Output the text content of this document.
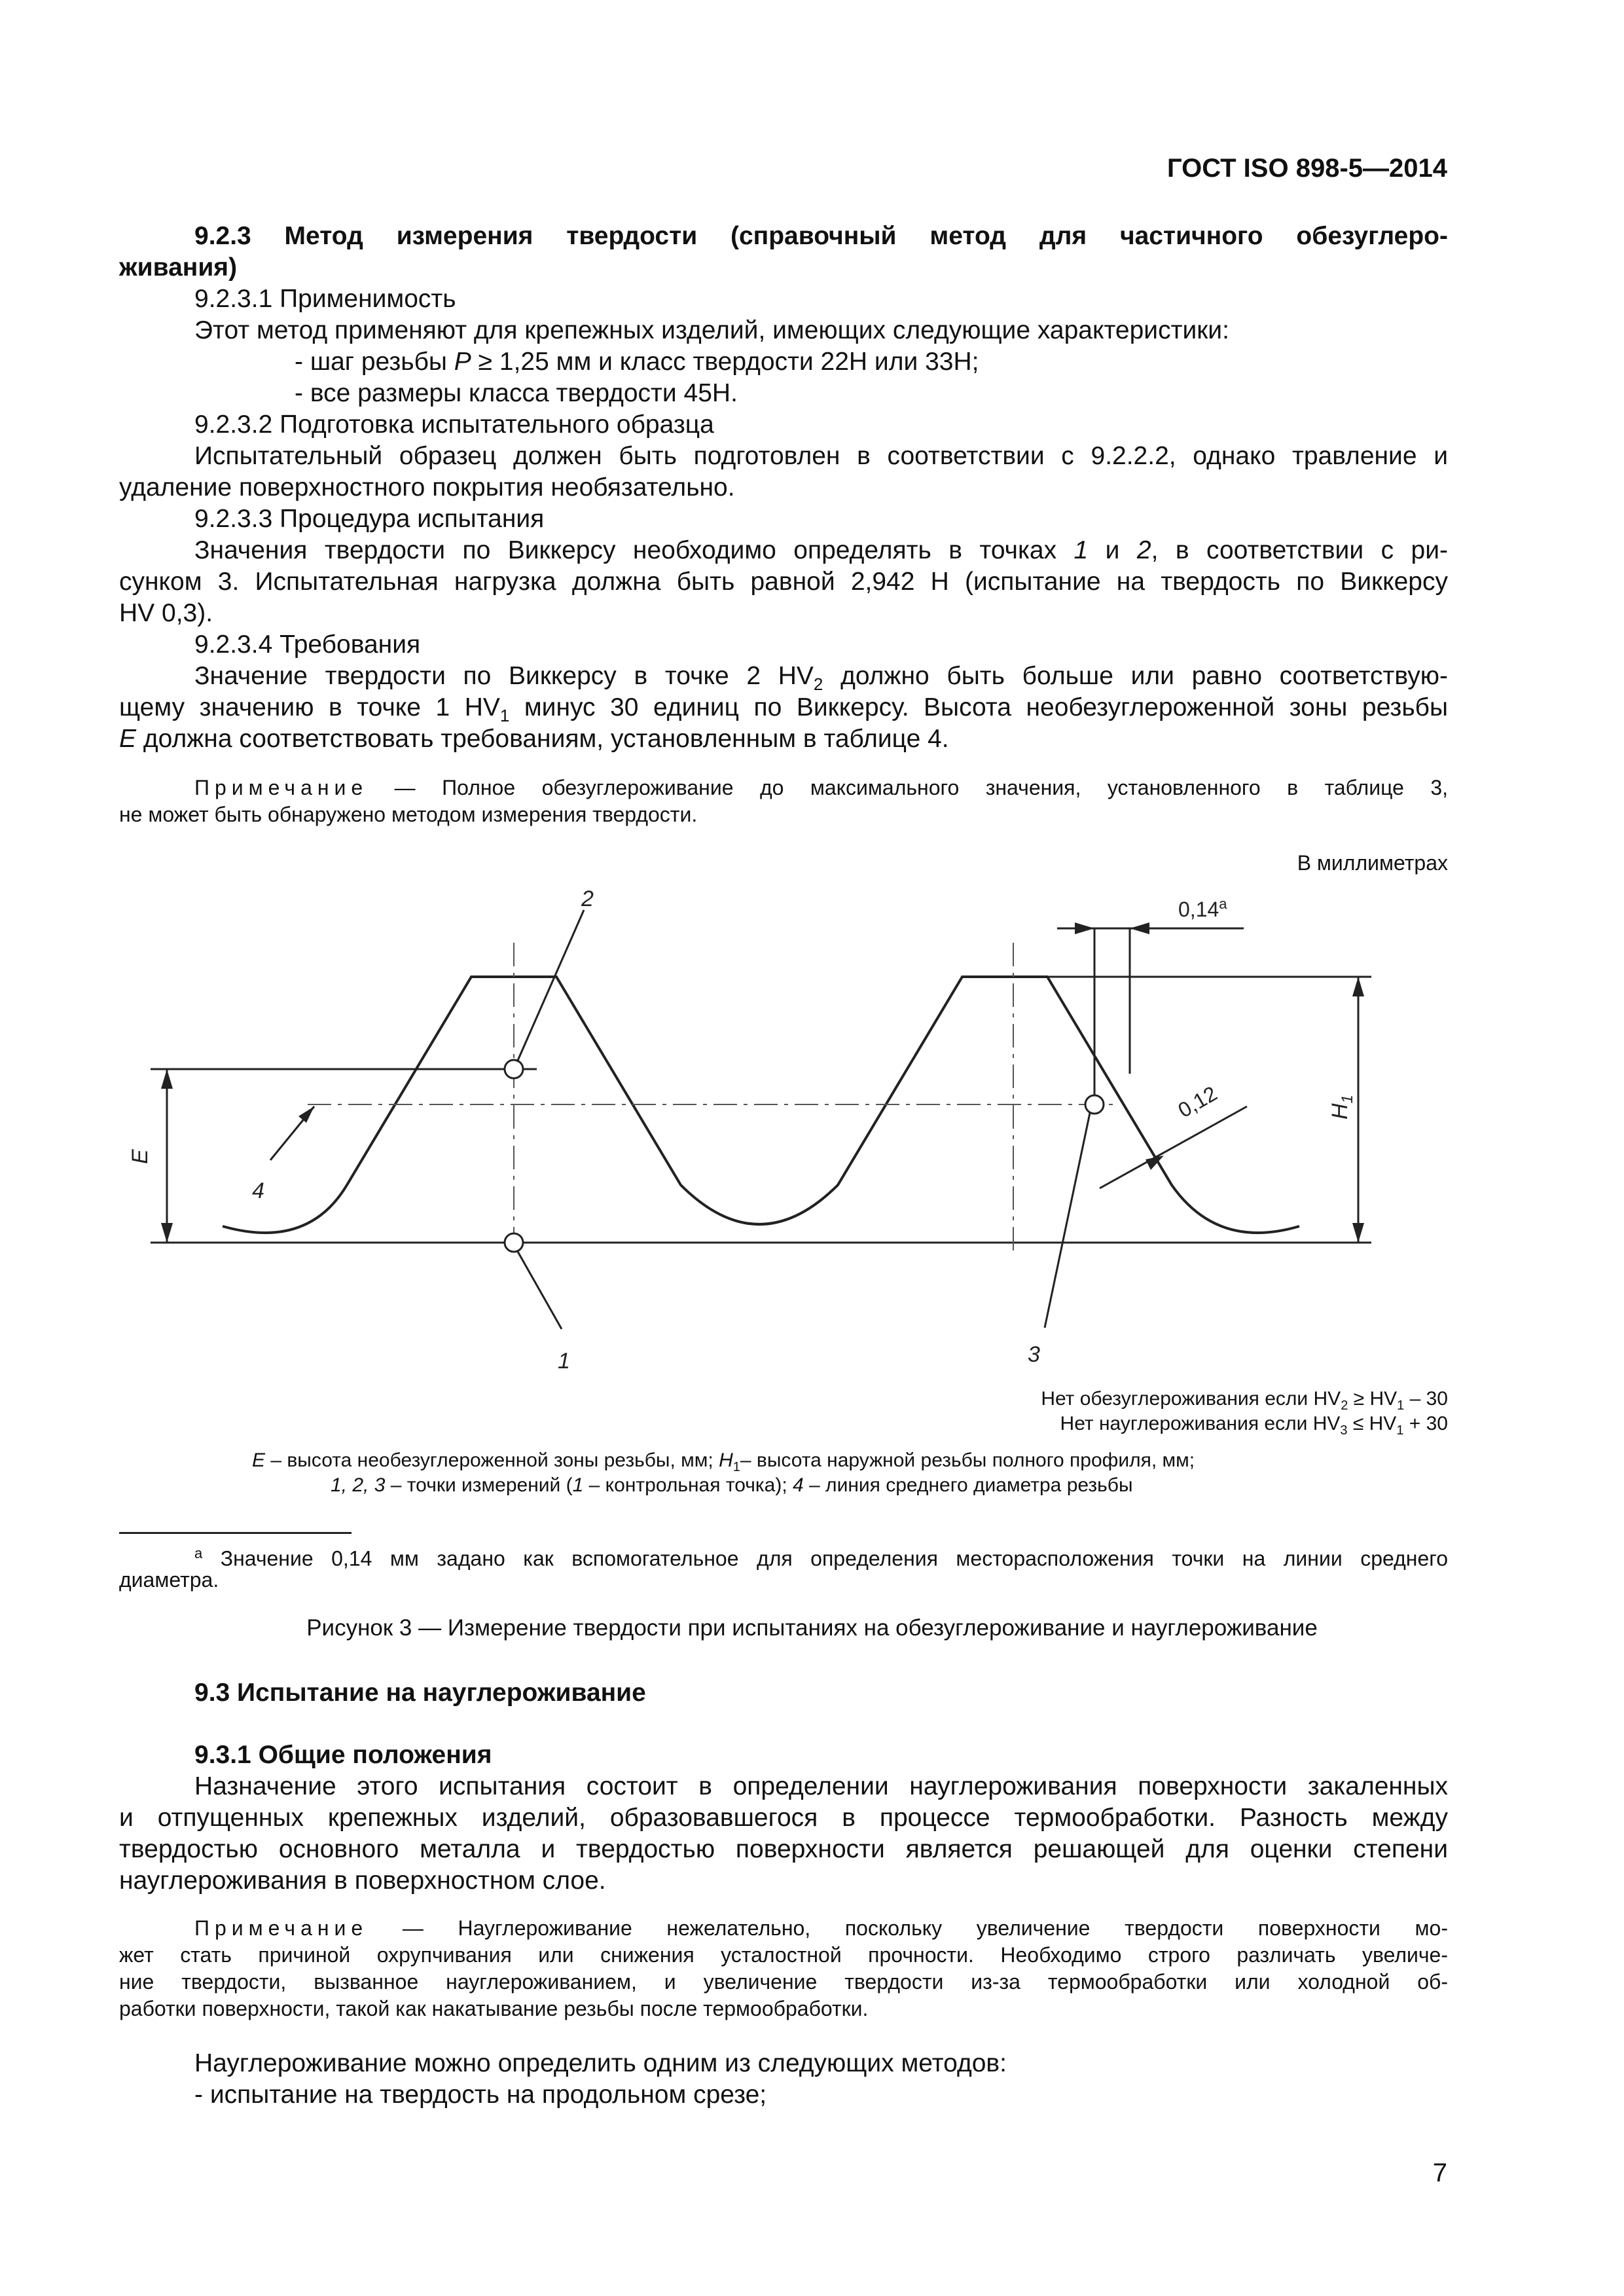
ГОСТ ISO 898-5—2014
9.2.3 Метод измерения твердости (справочный метод для частичного обезуглеро-
живания)
9.2.3.1 Применимость
Этот метод применяют для крепежных изделий, имеющих следующие характеристики:
- шаг резьбы P ≥ 1,25 мм и класс твердости 22H или 33H;
- все размеры класса твердости 45H.
9.2.3.2 Подготовка испытательного образца
Испытательный образец должен быть подготовлен в соответствии с 9.2.2.2, однако травление и
удаление поверхностного покрытия необязательно.
9.2.3.3 Процедура испытания
Значения твердости по Виккерсу необходимо определять в точках 1 и 2, в соответствии с ри-
сунком 3. Испытательная нагрузка должна быть равной 2,942 H (испытание на твердость по Виккерсу
HV 0,3).
9.2.3.4 Требования
Значение твердости по Виккерсу в точке 2 $HV_2$ должно быть больше или равно соответствую-
щему значению в точке 1 $HV_1$ минус 30 единиц по Виккерсу. Высота необезуглероженной зоны резьбы
E должна соответствовать требованиям, установленным в таблице 4.
Примечание — Полное обезуглероживание до максимального значения, установленного в таблице 3,
не может быть обнаружено методом измерения твердости.
В миллиметрах
2
1	3
4
E
$H_1$
0,14$^a$
0,12
Нет обезуглероживания если $HV_2 \ge HV_1 - 30$
Нет науглероживания если $HV_3 \le HV_1 + 30$
E – высота необезуглероженной зоны резьбы, мм; $H_1-$ высота наружной резьбы полного профиля, мм;
1, 2, 3 – точки измерений (1 – контрольная точка); 4 – линия среднего диаметра резьбы
$^a$ Значение 0,14 мм задано как вспомогательное для определения месторасположения точки на линии среднего
диаметра.
Рисунок 3 — Измерение твердости при испытаниях на обезуглероживание и науглероживание
9.3 Испытание на науглероживание
9.3.1 Общие положения
Назначение этого испытания состоит в определении науглероживания поверхности закаленных
и отпущенных крепежных изделий, образовавшегося в процессе термообработки. Разность между
твердостью основного металла и твердостью поверхности является решающей для оценки степени
науглероживания в поверхностном слое.
Примечание — Науглероживание нежелательно, поскольку увеличение твердости поверхности мо-
жет стать причиной охрупчивания или снижения усталостной прочности. Необходимо строго различать увеличе-
ние твердости, вызванное науглероживанием, и увеличение твердости из-за термообработки или холодной об-
работки поверхности, такой как накатывание резьбы после термообработки.
Науглероживание можно определить одним из следующих методов:
- испытание на твердость на продольном срезе;
7
